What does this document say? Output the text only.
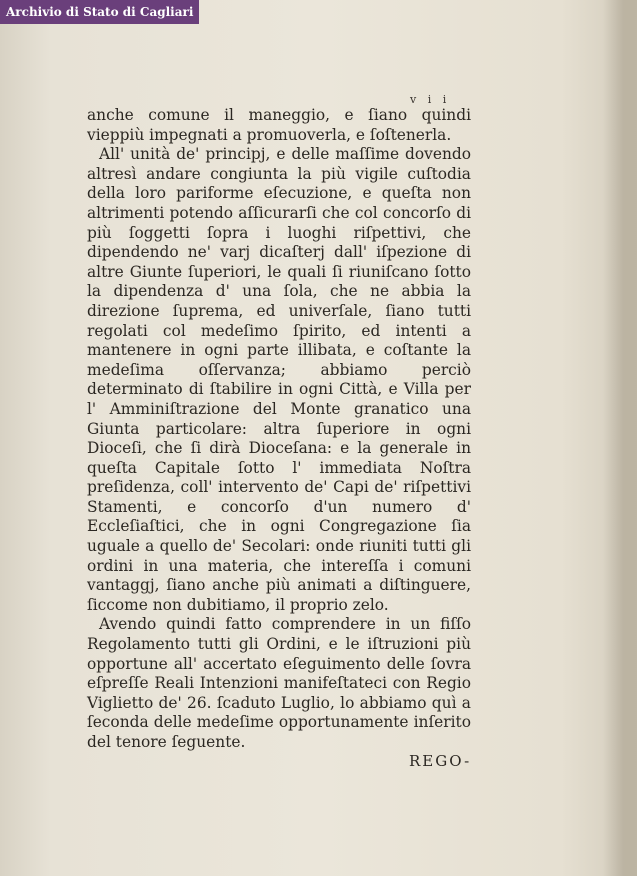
Archivio di Stato di Cagliari
v i i

anche comune il maneggio, e ſiano quindi vieppiù impegnati a promuoverla, e ſoſtenerla.

All' unità de' principj, e delle maſſime dovendo altresì andare congiunta la più vigile cuſtodia della loro pariforme eſecuzione, e queſta non altrimenti potendo aſſicurarſi che col concorſo di più ſoggetti ſopra i luoghi riſpettivi, che dipendendo ne' varj dicaſterj dall' iſpezione di altre Giunte ſuperiori, le quali ſi riuniſcano ſotto la dipendenza d' una ſola, che ne abbia la direzione ſuprema, ed univerſale, ſiano tutti regolati col medeſimo ſpirito, ed intenti a mantenere in ogni parte illibata, e coſtante la medeſima oſſervanza; abbiamo perciò determinato di ſtabilire in ogni Città, e Villa per l' Amminiſtrazione del Monte granatico una Giunta particolare: altra ſuperiore in ogni Dioceſi, che ſi dirà Dioceſana: e la generale in queſta Capitale ſotto l' immediata Noſtra preſidenza, coll' intervento de' Capi de' riſpettivi Stamenti, e concorſo d'un numero d' Eccleſiaſtici, che in ogni Congregazione ſia uguale a quello de' Secolari: onde riuniti tutti gli ordini in una materia, che intereſſa i comuni vantaggj, ſiano anche più animati a diſtinguere, ſiccome non dubitiamo, il proprio zelo.

Avendo quindi fatto comprendere in un fiſſo Regolamento tutti gli Ordini, e le iſtruzioni più opportune all' accertato eſeguimento delle ſovra eſpreſſe Reali Intenzioni manifeſtateci con Regio Viglietto de' 26. ſcaduto Luglio, lo abbiamo quì a ſeconda delle medeſime opportunamente inſerito del tenore ſeguente.

REGO-
